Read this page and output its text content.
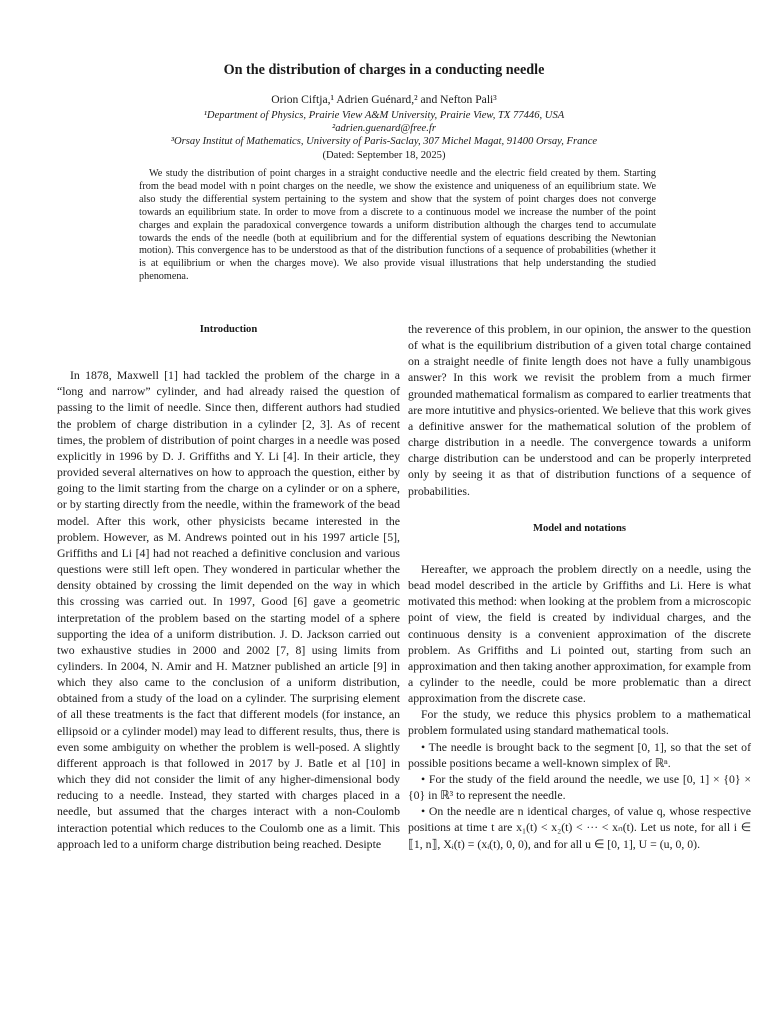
On the distribution of charges in a conducting needle
Orion Ciftja,¹ Adrien Guénard,² and Nefton Pali³
¹Department of Physics, Prairie View A&M University, Prairie View, TX 77446, USA
²adrien.guenard@free.fr
³Orsay Institut of Mathematics, University of Paris-Saclay, 307 Michel Magat, 91400 Orsay, France
(Dated: September 18, 2025)
We study the distribution of point charges in a straight conductive needle and the electric field created by them. Starting from the bead model with n point charges on the needle, we show the existence and uniqueness of an equilibrium state. We also study the differential system pertaining to the system and show that the system of point charges does not converge towards an equilibrium state. In order to move from a discrete to a continuous model we increase the number of the point charges and explain the paradoxical convergence towards a uniform distribution although the charges tend to accumulate towards the ends of the needle (both at equilibrium and for the differential system of equations describing the Newtonian motion). This convergence has to be understood as that of the distribution functions of a sequence of probabilities (whether it is at equilibrium or when the charges move). We also provide visual illustrations that help understanding the studied phenomena.
Introduction

In 1878, Maxwell [1] had tackled the problem of the charge in a “long and narrow” cylinder, and had already raised the question of passing to the limit of needle. Since then, different authors had studied the problem of charge distribution in a cylinder [2, 3]. As of recent times, the problem of distribution of point charges in a needle was posed explicitly in 1996 by D. J. Griffiths and Y. Li [4]. In their article, they provided several alternatives on how to approach the question, either by going to the limit starting from the charge on a cylinder or on a sphere, or by starting directly from the needle, within the framework of the bead model. After this work, other physicists became interested in the problem. However, as M. Andrews pointed out in his 1997 article [5], Griffiths and Li [4] had not reached a definitive conclusion and various questions were still left open. They wondered in particular whether the density obtained by crossing the limit depended on the way in which this crossing was carried out. In 1997, Good [6] gave a geometric interpretation of the problem based on the starting model of a sphere supporting the idea of a uniform distribution. J. D. Jackson carried out two exhaustive studies in 2000 and 2002 [7, 8] using limits from cylinders. In 2004, N. Amir and H. Matzner published an article [9] in which they also came to the conclusion of a uniform distribution, obtained from a study of the load on a cylinder. The surprising element of all these treatments is the fact that different models (for instance, an ellipsoid or a cylinder model) may lead to different results, thus, there is even some ambiguity on whether the problem is well-posed. A slightly different approach is that followed in 2017 by J. Batle et al [10] in which they did not consider the limit of any higher-dimensional body reducing to a needle. Instead, they started with charges placed in a needle, but assumed that the charges interact with a non-Coulomb interaction potential which reduces to the Coulomb one as a limit. This approach led to a uniform charge distribution being reached. Desipte

the reverence of this problem, in our opinion, the answer to the question of what is the equilibrium distribution of a given total charge contained on a straight needle of finite length does not have a fully unambigous answer? In this work we revisit the problem from a much firmer grounded mathematical formalism as compared to earlier treatments that are more intutitive and physics-oriented. We believe that this work gives a definitive answer for the mathematical solution of the problem of charge distribution in a needle. The convergence towards a uniform charge distribution can be understood and can be properly interpreted only by seeing it as that of distribution functions of a sequence of probabilities.

Model and notations

Hereafter, we approach the problem directly on a needle, using the bead model described in the article by Griffiths and Li. Here is what motivated this method: when looking at the problem from a microscopic point of view, the field is created by individual charges, and the continuous density is a convenient approximation of the discrete problem. As Griffiths and Li pointed out, starting from such an approximation and then taking another approximation, for example from a cylinder to the needle, could be more problematic than a direct approximation from the discrete case.

For the study, we reduce this physics problem to a mathematical problem formulated using standard mathematical tools.

• The needle is brought back to the segment [0, 1], so that the set of possible positions became a well-known simplex of ℝⁿ.

• For the study of the field around the needle, we use [0, 1] × {0} × {0} in ℝ³ to represent the needle.

• On the needle are n identical charges, of value q, whose respective positions at time t are x₁(t) < x₂(t) < ··· < xₙ(t). Let us note, for all i ∈ ⟦1, n⟧, Xᵢ(t) = (xᵢ(t), 0, 0), and for all u ∈ [0, 1], U = (u, 0, 0).
